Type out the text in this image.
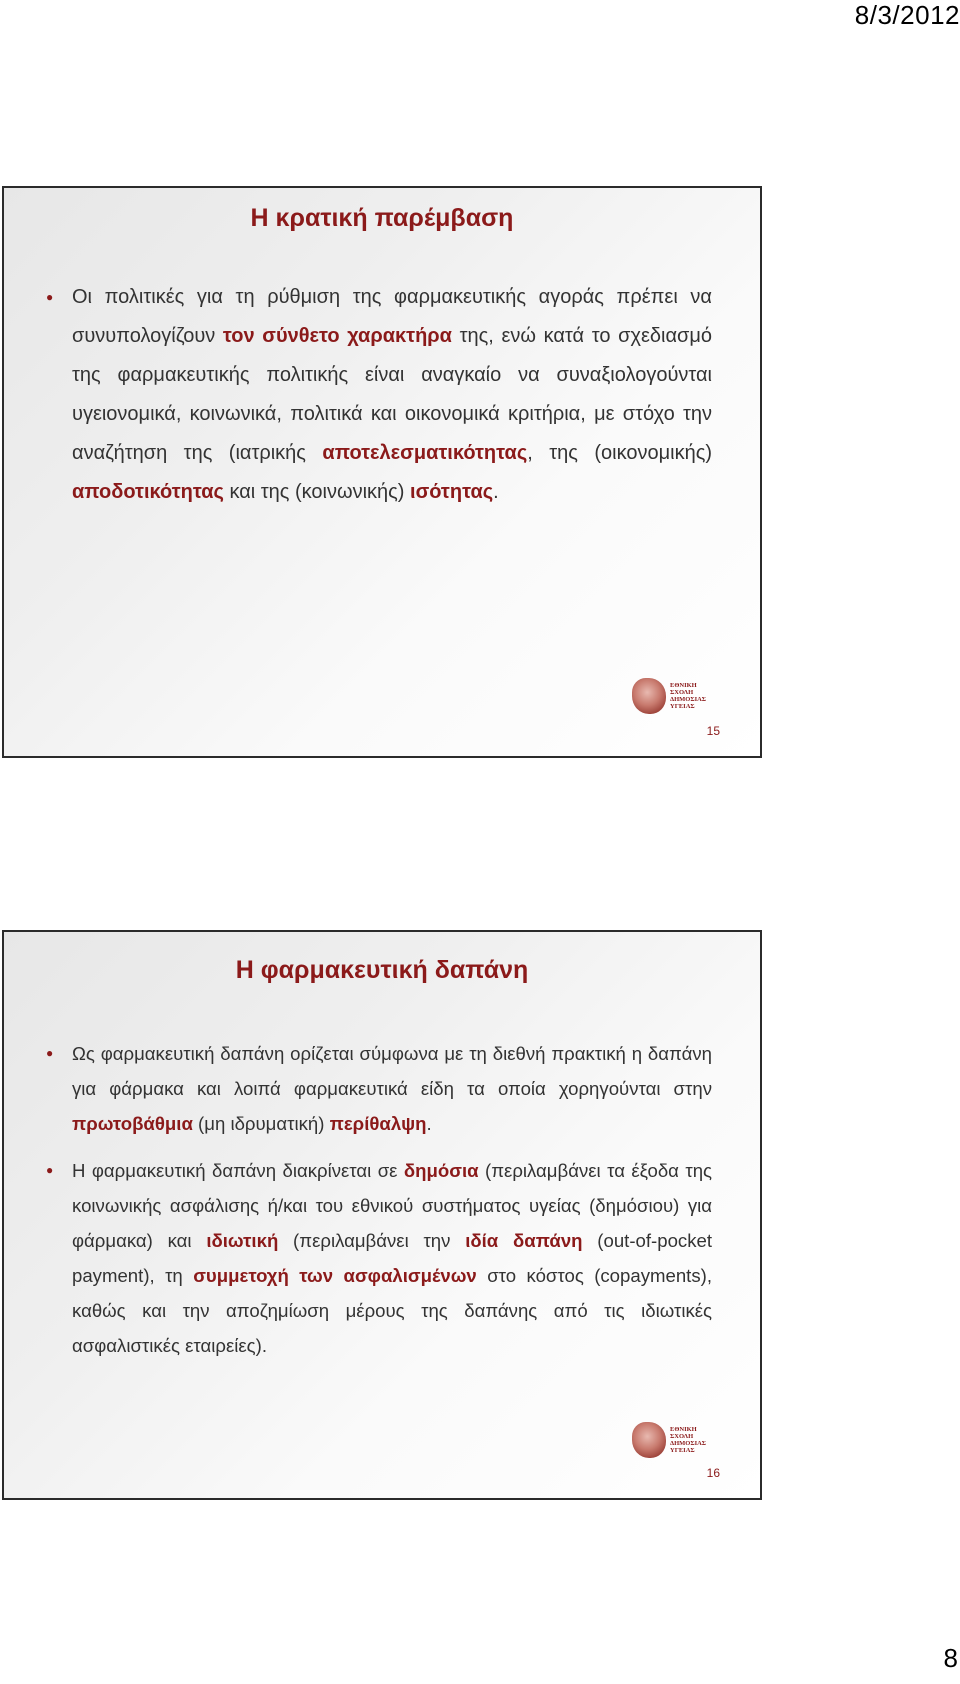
8/3/2012
Η κρατική παρέμβαση
● Οι πολιτικές για τη ρύθμιση της φαρμακευτικής αγοράς πρέπει να συνυπολογίζουν τον σύνθετο χαρακτήρα της, ενώ κατά το σχεδιασμό της φαρμακευτικής πολιτικής είναι αναγκαίο να συναξιολογούνται υγειονομικά, κοινωνικά, πολιτικά και οικονομικά κριτήρια, με στόχο την αναζήτηση της (ιατρικής αποτελεσματικότητας, της (οικονομικής) αποδοτικότητας και της (κοινωνικής) ισότητας.
ΕΘΝΙΚΗ
ΣΧΟΛΗ
ΔΗΜΟΣΙΑΣ
ΥΓΕΙΑΣ
15
Η φαρμακευτική δαπάνη
● Ως φαρμακευτική δαπάνη ορίζεται σύμφωνα με τη διεθνή πρακτική η δαπάνη για φάρμακα και λοιπά φαρμακευτικά είδη τα οποία χορηγούνται στην πρωτοβάθμια (μη ιδρυματική) περίθαλψη.
● Η φαρμακευτική δαπάνη διακρίνεται σε δημόσια (περιλαμβάνει τα έξοδα της κοινωνικής ασφάλισης ή/και του εθνικού συστήματος υγείας (δημόσιου) για φάρμακα) και ιδιωτική (περιλαμβάνει την ιδία δαπάνη (out-of-pocket payment), τη συμμετοχή των ασφαλισμένων στο κόστος (copayments), καθώς και την αποζημίωση μέρους της δαπάνης από τις ιδιωτικές ασφαλιστικές εταιρείες).
ΕΘΝΙΚΗ
ΣΧΟΛΗ
ΔΗΜΟΣΙΑΣ
ΥΓΕΙΑΣ
16
8
